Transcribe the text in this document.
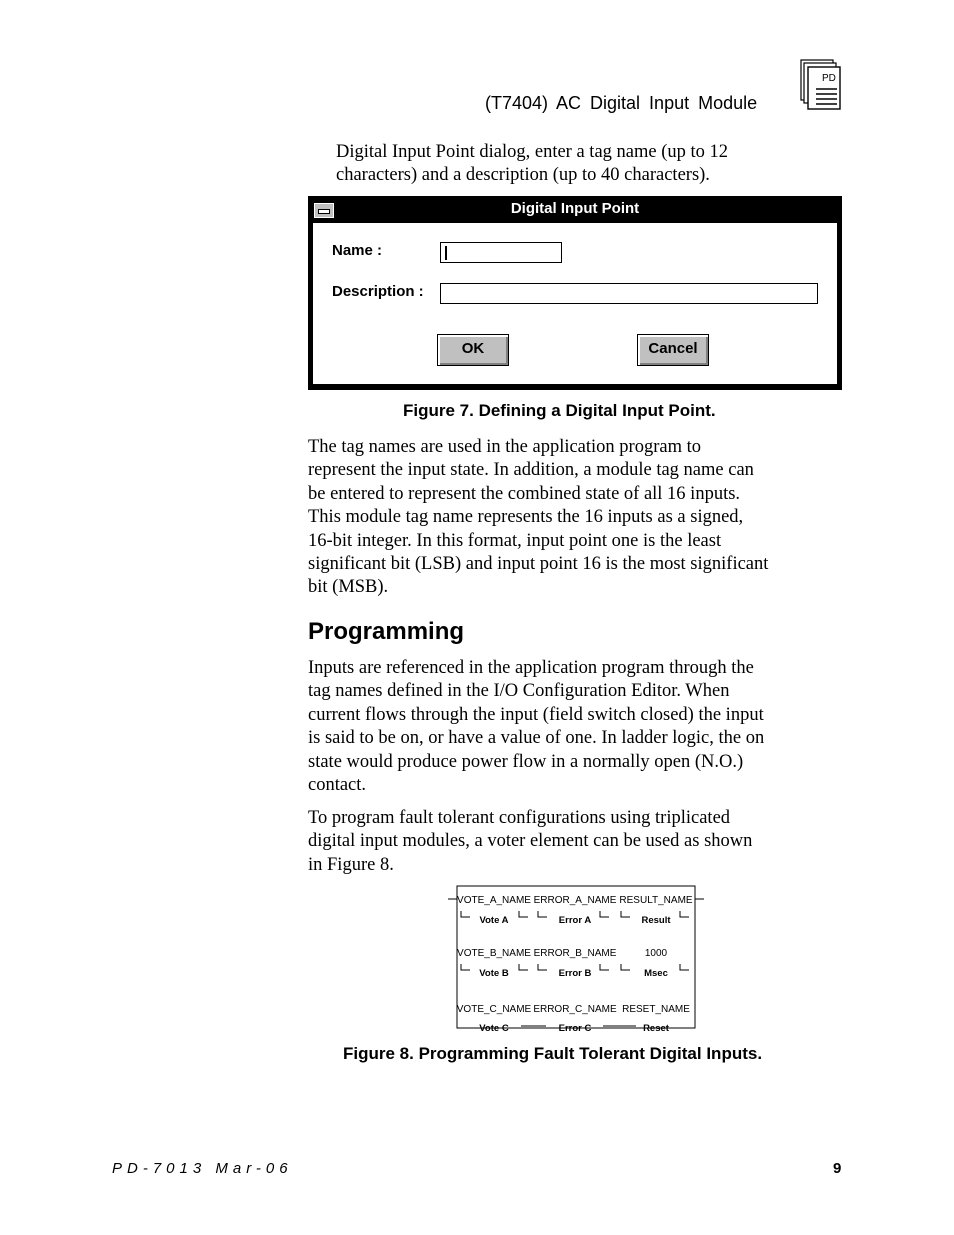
(T7404) AC Digital Input Module
PD
Digital Input Point dialog, enter a tag name (up to 12
characters) and a description (up to 40 characters).
Digital Input Point
Name :
Description :
OK	Cancel
Figure 7. Defining a Digital Input Point.
The tag names are used in the application program to
represent the input state. In addition, a module tag name can
be entered to represent the combined state of all 16 inputs.
This module tag name represents the 16 inputs as a signed,
16-bit integer. In this format, input point one is the least
significant bit (LSB) and input point 16 is the most significant
bit (MSB).
Programming
Inputs are referenced in the application program through the
tag names defined in the I/O Configuration Editor. When
current flows through the input (field switch closed) the input
is said to be on, or have a value of one. In ladder logic, the on
state would produce power flow in a normally open (N.O.)
contact.
To program fault tolerant configurations using triplicated
digital input modules, a voter element can be used as shown
in Figure 8.
VOTE_A_NAME ERROR_A_NAME RESULT_NAME
Vote A	Error A	Result
VOTE_B_NAME ERROR_B_NAME	1000
Vote B	Error B	Msec
VOTE_C_NAME ERROR_C_NAME RESET_NAME
Vote C	Error C	Reset
Figure 8. Programming Fault Tolerant Digital Inputs.
PD-7013 Mar-06	9
